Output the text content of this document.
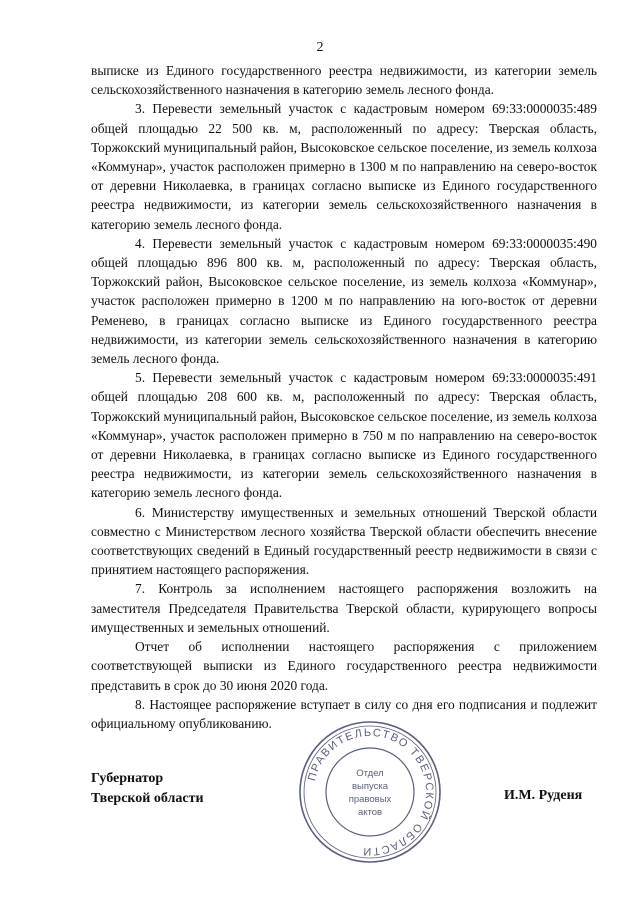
2

выписке из Единого государственного реестра недвижимости, из категории земель сельскохозяйственного назначения в категорию земель лесного фонда.

3. Перевести земельный участок с кадастровым номером 69:33:0000035:489 общей площадью 22 500 кв. м, расположенный по адресу: Тверская область, Торжокский муниципальный район, Высоковское сельское поселение, из земель колхоза «Коммунар», участок расположен примерно в 1300 м по направлению на северо-восток от деревни Николаевка, в границах согласно выписке из Единого государственного реестра недвижимости, из категории земель сельскохозяйственного назначения в категорию земель лесного фонда.

4. Перевести земельный участок с кадастровым номером 69:33:0000035:490 общей площадью 896 800 кв. м, расположенный по адресу: Тверская область, Торжокский район, Высоковское сельское поселение, из земель колхоза «Коммунар», участок расположен примерно в 1200 м по направлению на юго-восток от деревни Ременево, в границах согласно выписке из Единого государственного реестра недвижимости, из категории земель сельскохозяйственного назначения в категорию земель лесного фонда.

5. Перевести земельный участок с кадастровым номером 69:33:0000035:491 общей площадью 208 600 кв. м, расположенный по адресу: Тверская область, Торжокский муниципальный район, Высоковское сельское поселение, из земель колхоза «Коммунар», участок расположен примерно в 750 м по направлению на северо-восток от деревни Николаевка, в границах согласно выписке из Единого государственного реестра недвижимости, из категории земель сельскохозяйственного назначения в категорию земель лесного фонда.

6. Министерству имущественных и земельных отношений Тверской области совместно с Министерством лесного хозяйства Тверской области обеспечить внесение соответствующих сведений в Единый государственный реестр недвижимости в связи с принятием настоящего распоряжения.

7. Контроль за исполнением настоящего распоряжения возложить на заместителя Председателя Правительства Тверской области, курирующего вопросы имущественных и земельных отношений.

Отчет об исполнении настоящего распоряжения с приложением соответствующей выписки из Единого государственного реестра недвижимости представить в срок до 30 июня 2020 года.

8. Настоящее распоряжение вступает в силу со дня его подписания и подлежит официальному опубликованию.

Губернатор
Тверской области	И.М. Руденя
ПРАВИТЕЛЬСТВО ТВЕРСКОЙ ОБЛАСТИ
Отдел
выпуска
правовых
актов
